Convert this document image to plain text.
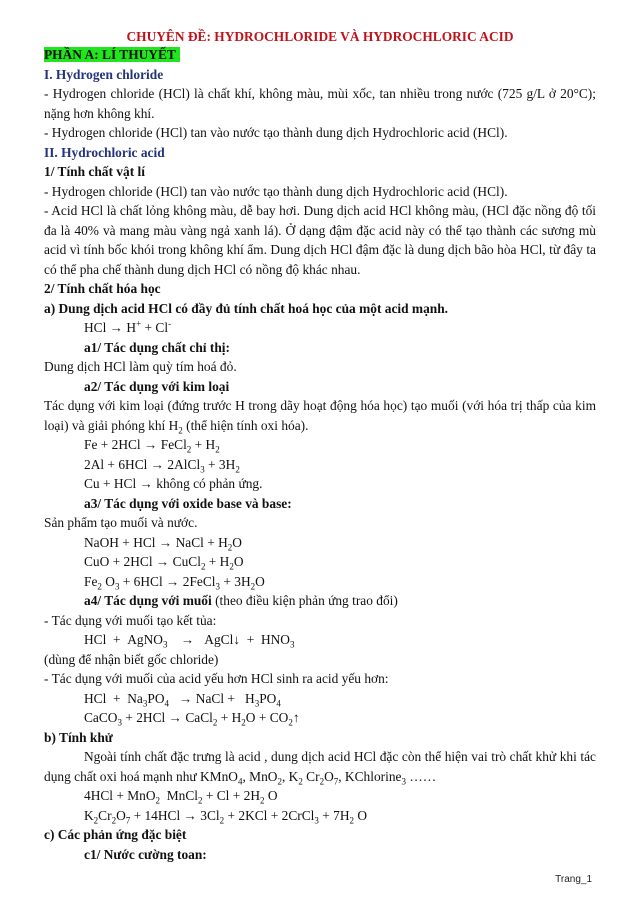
CHUYÊN ĐỀ: HYDROCHLORIDE VÀ HYDROCHLORIC ACID
PHẦN A: LÍ THUYẾT
I. Hydrogen chloride
- Hydrogen chloride (HCl) là chất khí, không màu, mùi xốc, tan nhiều trong nước (725 g/L ở 20°C); nặng hơn không khí.
- Hydrogen chloride (HCl) tan vào nước tạo thành dung dịch Hydrochloric acid (HCl).
II. Hydrochloric acid
1/ Tính chất vật lí
- Hydrogen chloride (HCl) tan vào nước tạo thành dung dịch Hydrochloric acid (HCl).
- Acid HCl là chất lỏng không màu, dễ bay hơi. Dung dịch acid HCl không màu, (HCl đặc nồng độ tối đa là 40% và mang màu vàng ngả xanh lá). Ở dạng đậm đặc acid này có thể tạo thành các sương mù acid vì tính bốc khói trong không khí ẩm. Dung dịch HCl đậm đặc là dung dịch bão hòa HCl, từ đây ta có thể pha chế thành dung dịch HCl có nồng độ khác nhau.
2/ Tính chất hóa học
a) Dung dịch acid HCl có đầy đủ tính chất hoá học của một acid mạnh.
HCl → H+ + Cl-
a1/ Tác dụng chất chỉ thị:
Dung dịch HCl làm quỳ tím hoá đỏ.
a2/ Tác dụng với kim loại
Tác dụng với kim loại (đứng trước H trong dãy hoạt động hóa học) tạo muối (với hóa trị thấp của kim loại) và giải phóng khí $H_2$ (thể hiện tính oxi hóa).
Fe + 2HCl → FeCl$_2$ + $H_2$
2Al + 6HCl → 2AlCl$_3$ + $3H_2$
Cu + HCl → không có phản ứng.
a3/ Tác dụng với oxide base và base:
Sản phẩm tạo muối và nước.
NaOH + HCl → NaCl + $H_2O$
CuO + 2HCl → CuCl$_2$ + $H_2O$
$Fe_2$ $O_3 + 6HCl$ → 2FeCl$_3$ + $3H_2O$
a4/ Tác dụng với muối (theo điều kiện phản ứng trao đổi)
- Tác dụng với muối tạo kết tủa:
HCl  +  AgNO$_3$    →   AgCl↓  +  $HNO_3$
(dùng để nhận biết gốc chloride)
- Tác dụng với muối của acid yếu hơn HCl sinh ra acid yếu hơn:
HCl  +  $Na_3PO_4$   → NaCl +   $H_3PO_4$
CaCO$_3$ + 2HCl → CaCl$_2$ + $H_2O$ + $CO_2↑$
b) Tính khử
Ngoài tính chất đặc trưng là acid , dung dịch acid HCl đặc còn thể hiện vai trò chất khử khi tác dụng chất oxi hoá mạnh như KMnO$_4$, MnO$_2$, $K_2$ $Cr_2O_7$, KChlorine$_3$ ……
4HCl + MnO$_2$  MnCl$_2$ + $Cl + 2H_2$ O
$K_2Cr_2O_7 + 14HCl \to 3Cl_2 + 2KCl$ + 2CrCl$_3$ + $7H_2$ O
c) Các phản ứng đặc biệt
c1/ Nước cường toan:
Trang_1
